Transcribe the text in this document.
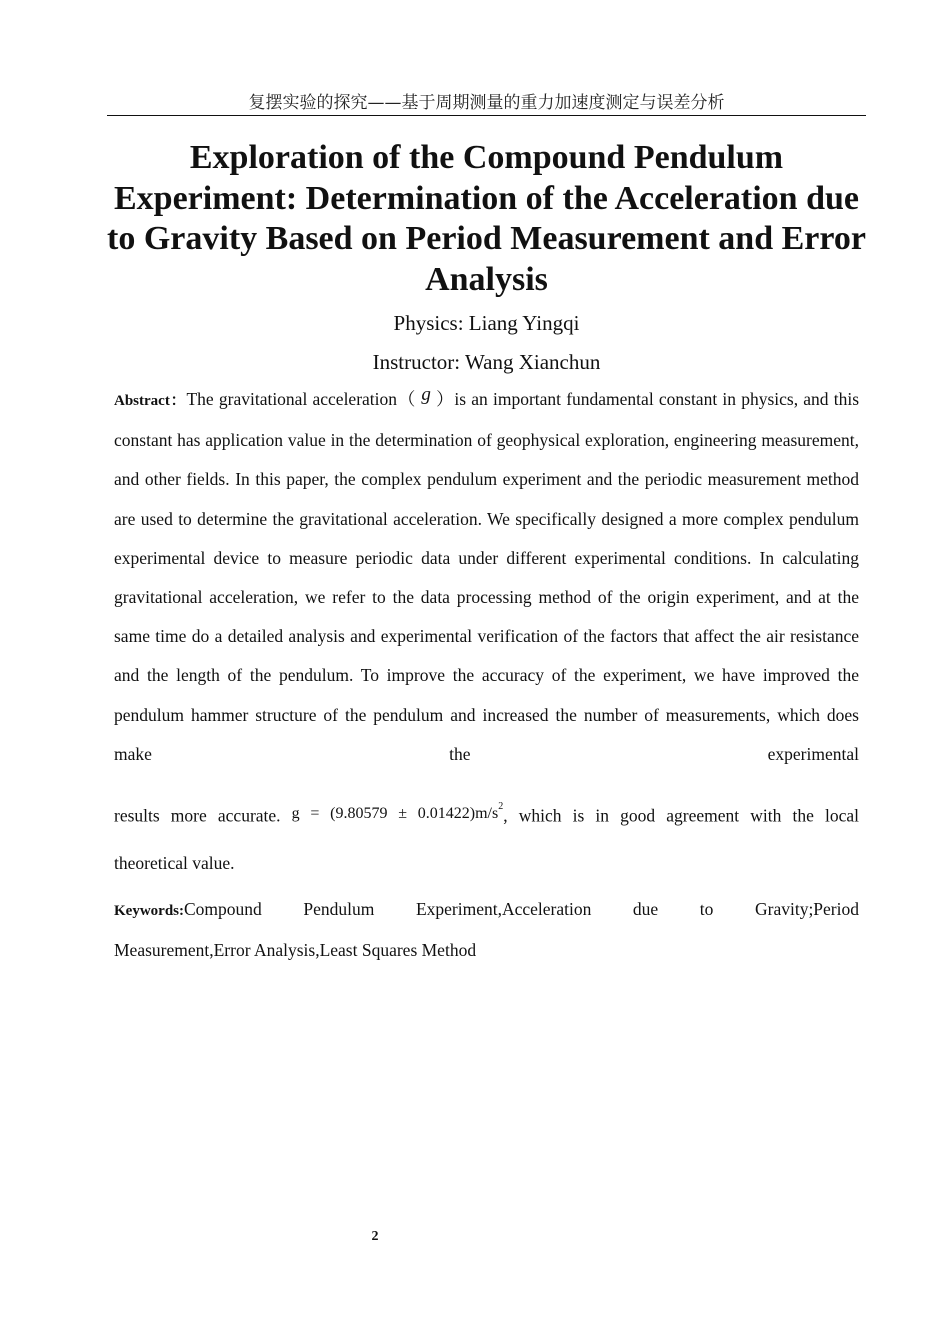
复摆实验的探究——基于周期测量的重力加速度测定与误差分析
Exploration of the Compound Pendulum Experiment: Determination of the Acceleration due to Gravity Based on Period Measurement and Error Analysis
Physics: Liang Yingqi
Instructor: Wang Xianchun

Abstract：The gravitational acceleration（ g ）is an important fundamental constant in physics, and this constant has application value in the determination of geophysical exploration, engineering measurement, and other fields. In this paper, the complex pendulum experiment and the periodic measurement method are used to determine the gravitational acceleration. We specifically designed a more complex pendulum experimental device to measure periodic data under different experimental conditions. In calculating gravitational acceleration, we refer to the data processing method of the origin experiment, and at the same time do a detailed analysis and experimental verification of the factors that affect the air resistance and the length of the pendulum. To improve the accuracy of the experiment, we have improved the pendulum hammer structure of the pendulum and increased the number of measurements, which does make the experimentalresults more accurate. $g = (9.80579 \pm 0.01422)m/s^2$, which is in good agreement with the local
theoretical value.

Keywords:Compound Pendulum Experiment,Acceleration due to Gravity;Period
Measurement,Error Analysis,Least Squares Method
2
